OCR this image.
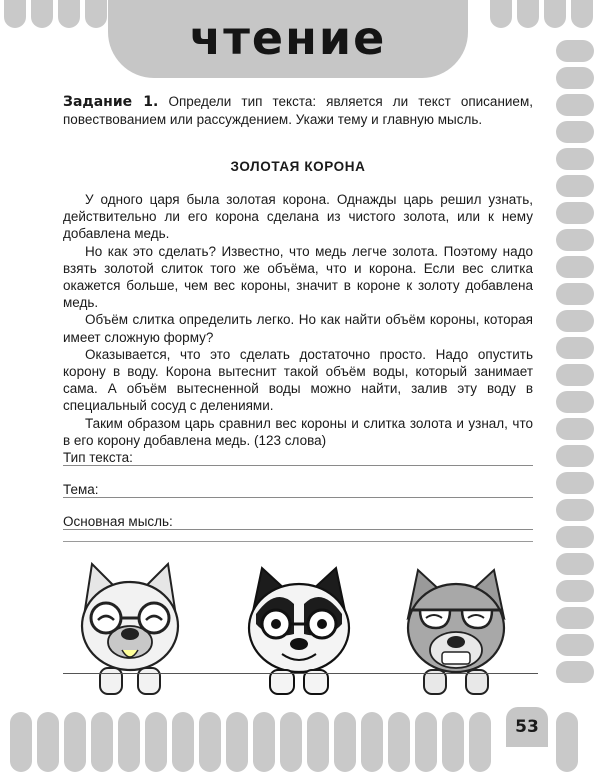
чтение
Задание 1. Определи тип текста: является ли текст описанием, повествованием или рассуждением. Укажи тему и главную мысль.
ЗОЛОТАЯ КОРОНА

У одного царя была золотая корона. Однажды царь решил узнать, действительно ли его корона сделана из чистого золота, или к нему добавлена медь.

Но как это сделать? Известно, что медь легче золота. Поэтому надо взять золотой слиток того же объёма, что и корона. Если вес слитка окажется больше, чем вес короны, значит в короне к золоту добавлена медь.

Объём слитка определить легко. Но как найти объём короны, которая имеет сложную форму?

Оказывается, что это сделать достаточно просто. Надо опустить корону в воду. Корона вытеснит такой объём воды, который занимает сама. А объём вытесненной воды можно найти, залив эту воду в специальный сосуд с делениями.

Таким образом царь сравнил вес короны и слитка золота и узнал, что в его корону добавлена медь. (123 слова)

Тип текста:
Тема:
Основная мысль:
53
